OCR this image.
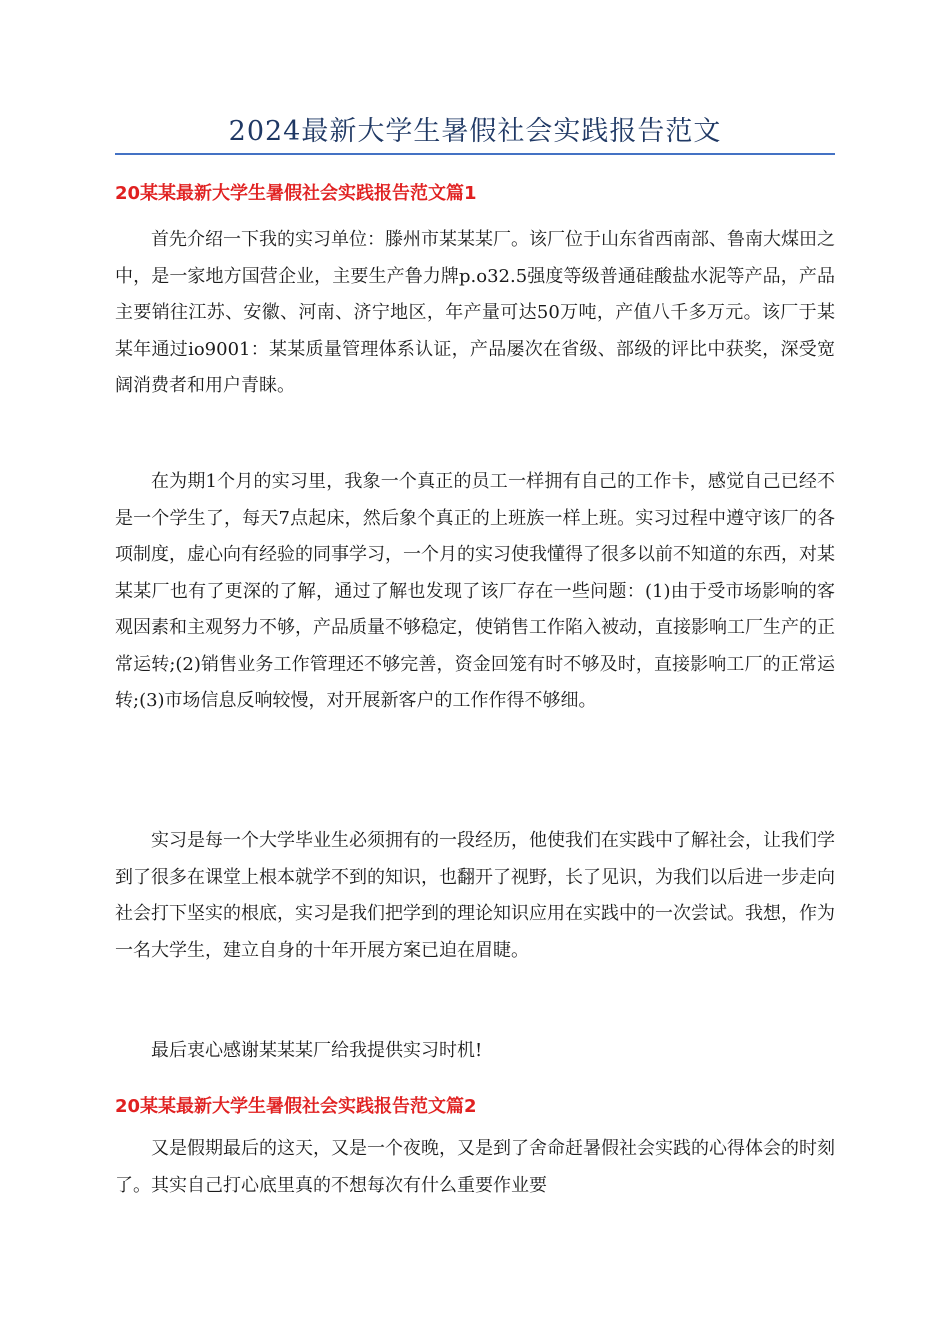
2024最新大学生暑假社会实践报告范文
20某某最新大学生暑假社会实践报告范文篇1

首先介绍一下我的实习单位：滕州市某某某厂。该厂位于山东省西南部、鲁南大煤田之中，是一家地方国营企业，主要生产鲁力牌p.o32.5强度等级普通硅酸盐水泥等产品，产品主要销往江苏、安徽、河南、济宁地区，年产量可达50万吨，产值八千多万元。该厂于某某年通过io9001：某某质量管理体系认证，产品屡次在省级、部级的评比中获奖，深受宽阔消费者和用户青睐。

在为期1个月的实习里，我象一个真正的员工一样拥有自己的工作卡，感觉自己已经不是一个学生了，每天7点起床，然后象个真正的上班族一样上班。实习过程中遵守该厂的各项制度，虚心向有经验的同事学习，一个月的实习使我懂得了很多以前不知道的东西，对某某某厂也有了更深的了解，通过了解也发现了该厂存在一些问题：(1)由于受市场影响的客观因素和主观努力不够，产品质量不够稳定，使销售工作陷入被动，直接影响工厂生产的正常运转;(2)销售业务工作管理还不够完善，资金回笼有时不够及时，直接影响工厂的正常运转;(3)市场信息反响较慢，对开展新客户的工作作得不够细。

实习是每一个大学毕业生必须拥有的一段经历，他使我们在实践中了解社会，让我们学到了很多在课堂上根本就学不到的知识，也翻开了视野，长了见识，为我们以后进一步走向社会打下坚实的根底，实习是我们把学到的理论知识应用在实践中的一次尝试。我想，作为一名大学生，建立自身的十年开展方案已迫在眉睫。

最后衷心感谢某某某厂给我提供实习时机!

20某某最新大学生暑假社会实践报告范文篇2

又是假期最后的这天，又是一个夜晚，又是到了舍命赶暑假社会实践的心得体会的时刻了。其实自己打心底里真的不想每次有什么重要作业要
